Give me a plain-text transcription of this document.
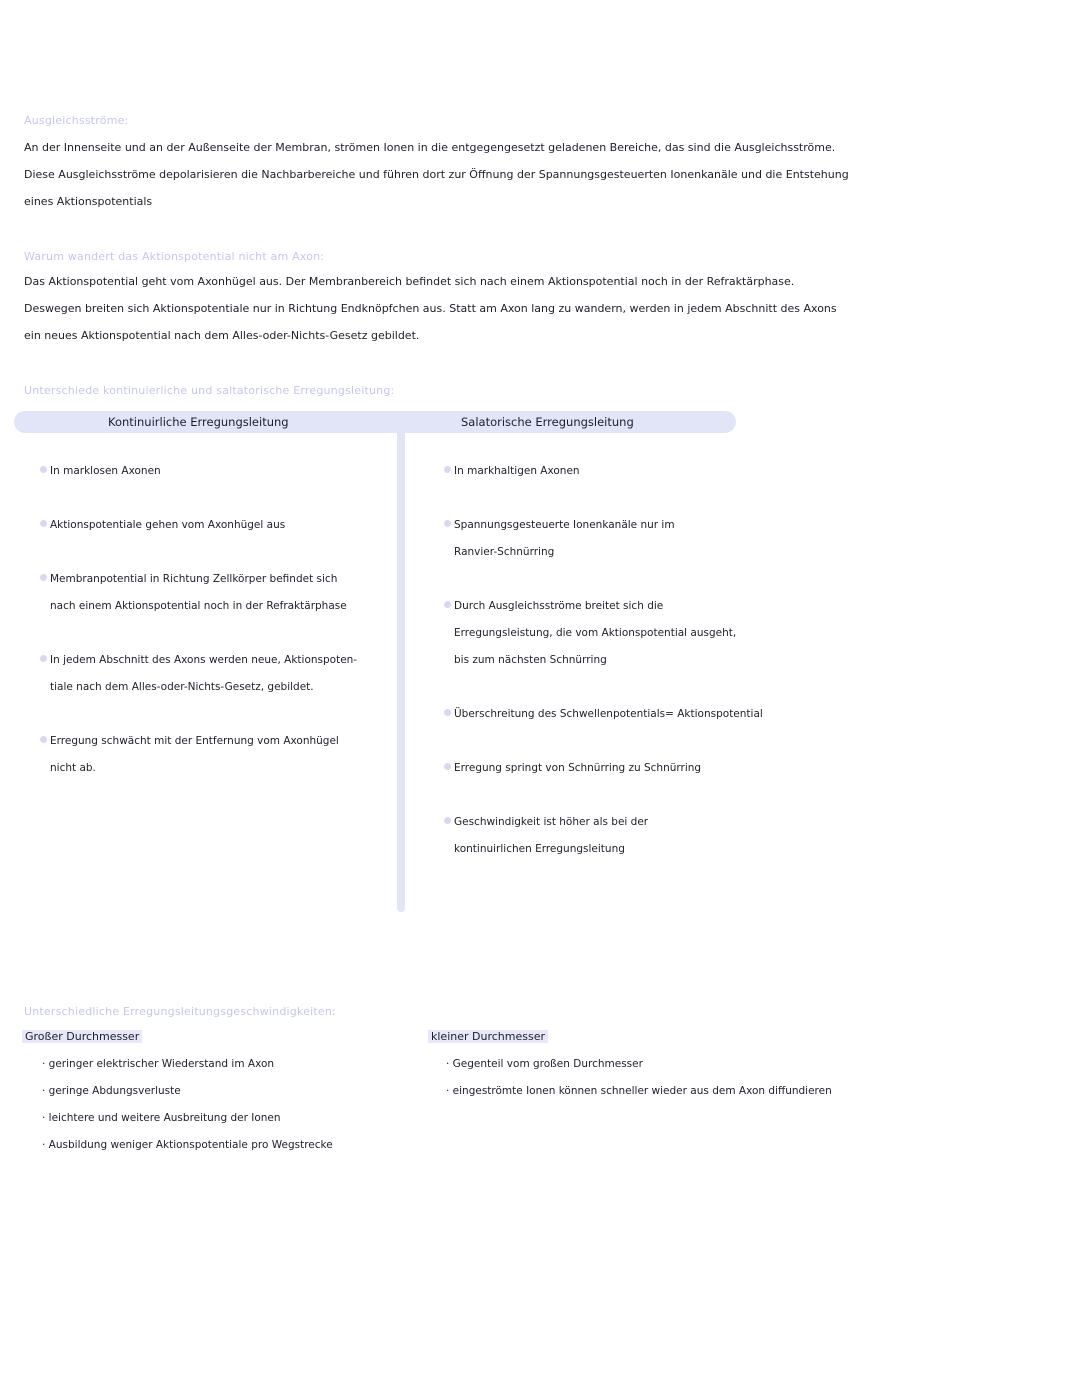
Ausgleichsströme:

An der Innenseite und an der Außenseite der Membran, strömen Ionen in die entgegengesetzt geladenen Bereiche, das sind die Ausgleichsströme.

Diese Ausgleichsströme depolarisieren die Nachbarbereiche und führen dort zur Öffnung der Spannungsgesteuerten Ionenkanäle und die Entstehung

eines Aktionspotentials

Warum wandert das Aktionspotential nicht am Axon:

Das Aktionspotential geht vom Axonhügel aus. Der Membranbereich befindet sich nach einem Aktionspotential noch in der Refraktärphase.

Deswegen breiten sich Aktionspotentiale nur in Richtung Endknöpfchen aus. Statt am Axon lang zu wandern, werden in jedem Abschnitt des Axons

ein neues Aktionspotential nach dem Alles-oder-Nichts-Gesetz gebildet.

Unterschiede kontinuierliche und saltatorische Erregungsleitung:
Kontinuirliche Erregungsleitung	Salatorische Erregungsleitung

In marklosen Axonen

Aktionspotentiale gehen vom Axonhügel aus

Membranpotential in Richtung Zellkörper befindet sich

nach einem Aktionspotential noch in der Refraktärphase

In jedem Abschnitt des Axons werden neue, Aktionspoten-

tiale nach dem Alles-oder-Nichts-Gesetz, gebildet.

Erregung schwächt mit der Entfernung vom Axonhügel

nicht ab.

In markhaltigen Axonen

Spannungsgesteuerte Ionenkanäle nur im

Ranvier-Schnürring

Durch Ausgleichsströme breitet sich die

Erregungsleistung, die vom Aktionspotential ausgeht,

bis zum nächsten Schnürring

Überschreitung des Schwellenpotentials= Aktionspotential

Erregung springt von Schnürring zu Schnürring

Geschwindigkeit ist höher als bei der

kontinuirlichen Erregungsleitung

Unterschiedliche Erregungsleitungsgeschwindigkeiten:
Großer Durchmesser	kleiner Durchmesser

· geringer elektrischer Wiederstand im Axon

· geringe Abdungsverluste

· leichtere und weitere Ausbreitung der Ionen

· Ausbildung weniger Aktionspotentiale pro Wegstrecke

· Gegenteil vom großen Durchmesser

· eingeströmte Ionen können schneller wieder aus dem Axon diffundieren
